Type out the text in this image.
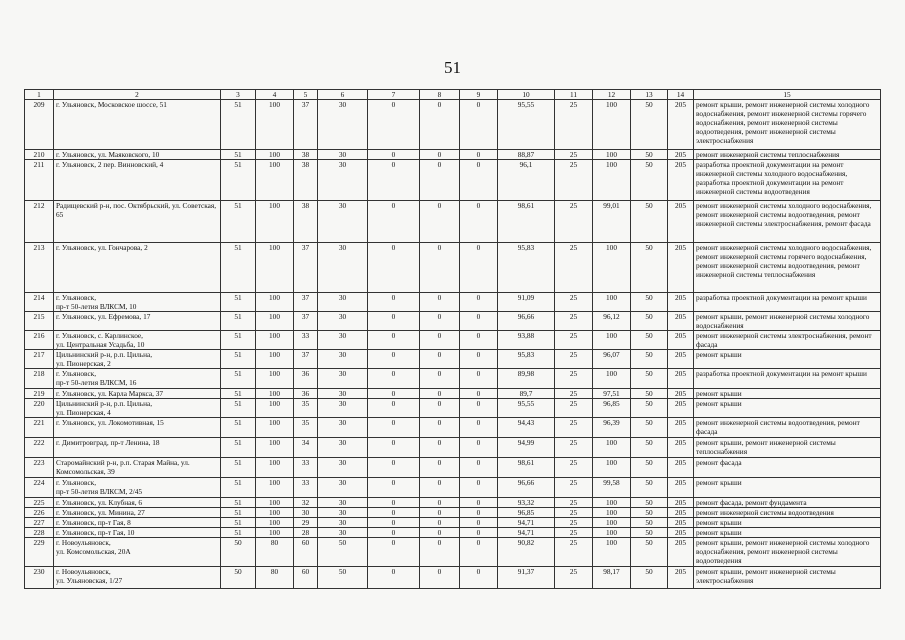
51
1	2	3	4	5	6	7	8	9	10	11	12	13	14	15
209	г. Ульяновск, Московское шоссе, 51	51	100	37	30	0	0	0	95,55	25	100	50	205	ремонт крыши, ремонт инженерной системы холодного водоснабжения, ремонт инженерной системы горячего водоснабжения, ремонт инженерной системы водоотведения, ремонт инженерной системы электроснабжения
210	г. Ульяновск, ул. Маяковского, 10	51	100	38	30	0	0	0	88,87	25	100	50	205	ремонт инженерной системы теплоснабжения
211	г. Ульяновск, 2 пер. Винновский, 4	51	100	38	30	0	0	0	96,1	25	100	50	205	разработка проектной документации на ремонт инженерной системы холодного водоснабжения, разработка проектной документации на ремонт инженерной системы водоотведения
212	Радищевский р-н, пос. Октябрьский, ул. Советская, 65	51	100	38	30	0	0	0	98,61	25	99,01	50	205	ремонт инженерной системы холодного водоснабжения, ремонт инженерной системы водоотведения, ремонт инженерной системы электроснабжения, ремонт фасада
213	г. Ульяновск, ул. Гончарова, 2	51	100	37	30	0	0	0	95,83	25	100	50	205	ремонт инженерной системы холодного водоснабжения, ремонт инженерной системы горячего водоснабжения, ремонт инженерной системы водоотведения, ремонт инженерной системы теплоснабжения
214	г. Ульяновск,
пр-т 50-летия ВЛКСМ, 10	51	100	37	30	0	0	0	91,09	25	100	50	205	разработка проектной документации на ремонт крыши
215	г. Ульяновск, ул. Ефремова, 17	51	100	37	30	0	0	0	96,66	25	96,12	50	205	ремонт крыши, ремонт инженерной системы холодного водоснабжения
216	г. Ульяновск, с. Карлинское,
ул. Центральная Усадьба, 10	51	100	33	30	0	0	0	93,88	25	100	50	205	ремонт инженерной системы электроснабжения, ремонт фасада
217	Цильнинский р-н, р.п. Цильна,
ул. Пионерская, 2	51	100	37	30	0	0	0	95,83	25	96,07	50	205	ремонт крыши
218	г. Ульяновск,
пр-т 50-летия ВЛКСМ, 16	51	100	36	30	0	0	0	89,98	25	100	50	205	разработка проектной документации на ремонт крыши
219	г. Ульяновск, ул. Карла Маркса, 37	51	100	36	30	0	0	0	89,7	25	97,51	50	205	ремонт крыши
220	Цильнинский р-н, р.п. Цильна,
ул. Пионерская, 4	51	100	35	30	0	0	0	95,55	25	96,85	50	205	ремонт крыши
221	г. Ульяновск, ул. Локомотивная, 15	51	100	35	30	0	0	0	94,43	25	96,39	50	205	ремонт инженерной системы водоотведения, ремонт фасада
222	г. Димитровград, пр-т Ленина, 18	51	100	34	30	0	0	0	94,99	25	100	50	205	ремонт крыши, ремонт инженерной системы теплоснабжения
223	Старомайнский р-н, р.п. Старая Майна, ул. Комсомольская, 39	51	100	33	30	0	0	0	98,61	25	100	50	205	ремонт фасада
224	г. Ульяновск,
пр-т 50-летия ВЛКСМ, 2/45	51	100	33	30	0	0	0	96,66	25	99,58	50	205	ремонт крыши
225	г. Ульяновск, ул. Клубная, 6	51	100	32	30	0	0	0	93,32	25	100	50	205	ремонт фасада, ремонт фундамента
226	г. Ульяновск, ул. Минина, 27	51	100	30	30	0	0	0	96,85	25	100	50	205	ремонт инженерной системы водоотведения
227	г. Ульяновск, пр-т Гая, 8	51	100	29	30	0	0	0	94,71	25	100	50	205	ремонт крыши
228	г. Ульяновск, пр-т Гая, 10	51	100	28	30	0	0	0	94,71	25	100	50	205	ремонт крыши
229	г. Новоульяновск,
ул. Комсомольская, 20А	50	80	60	50	0	0	0	90,82	25	100	50	205	ремонт крыши, ремонт инженерной системы холодного водоснабжения, ремонт инженерной системы водоотведения
230	г. Новоульяновск,
ул. Ульяновская, 1/27	50	80	60	50	0	0	0	91,37	25	98,17	50	205	ремонт крыши, ремонт инженерной системы электроснабжения
